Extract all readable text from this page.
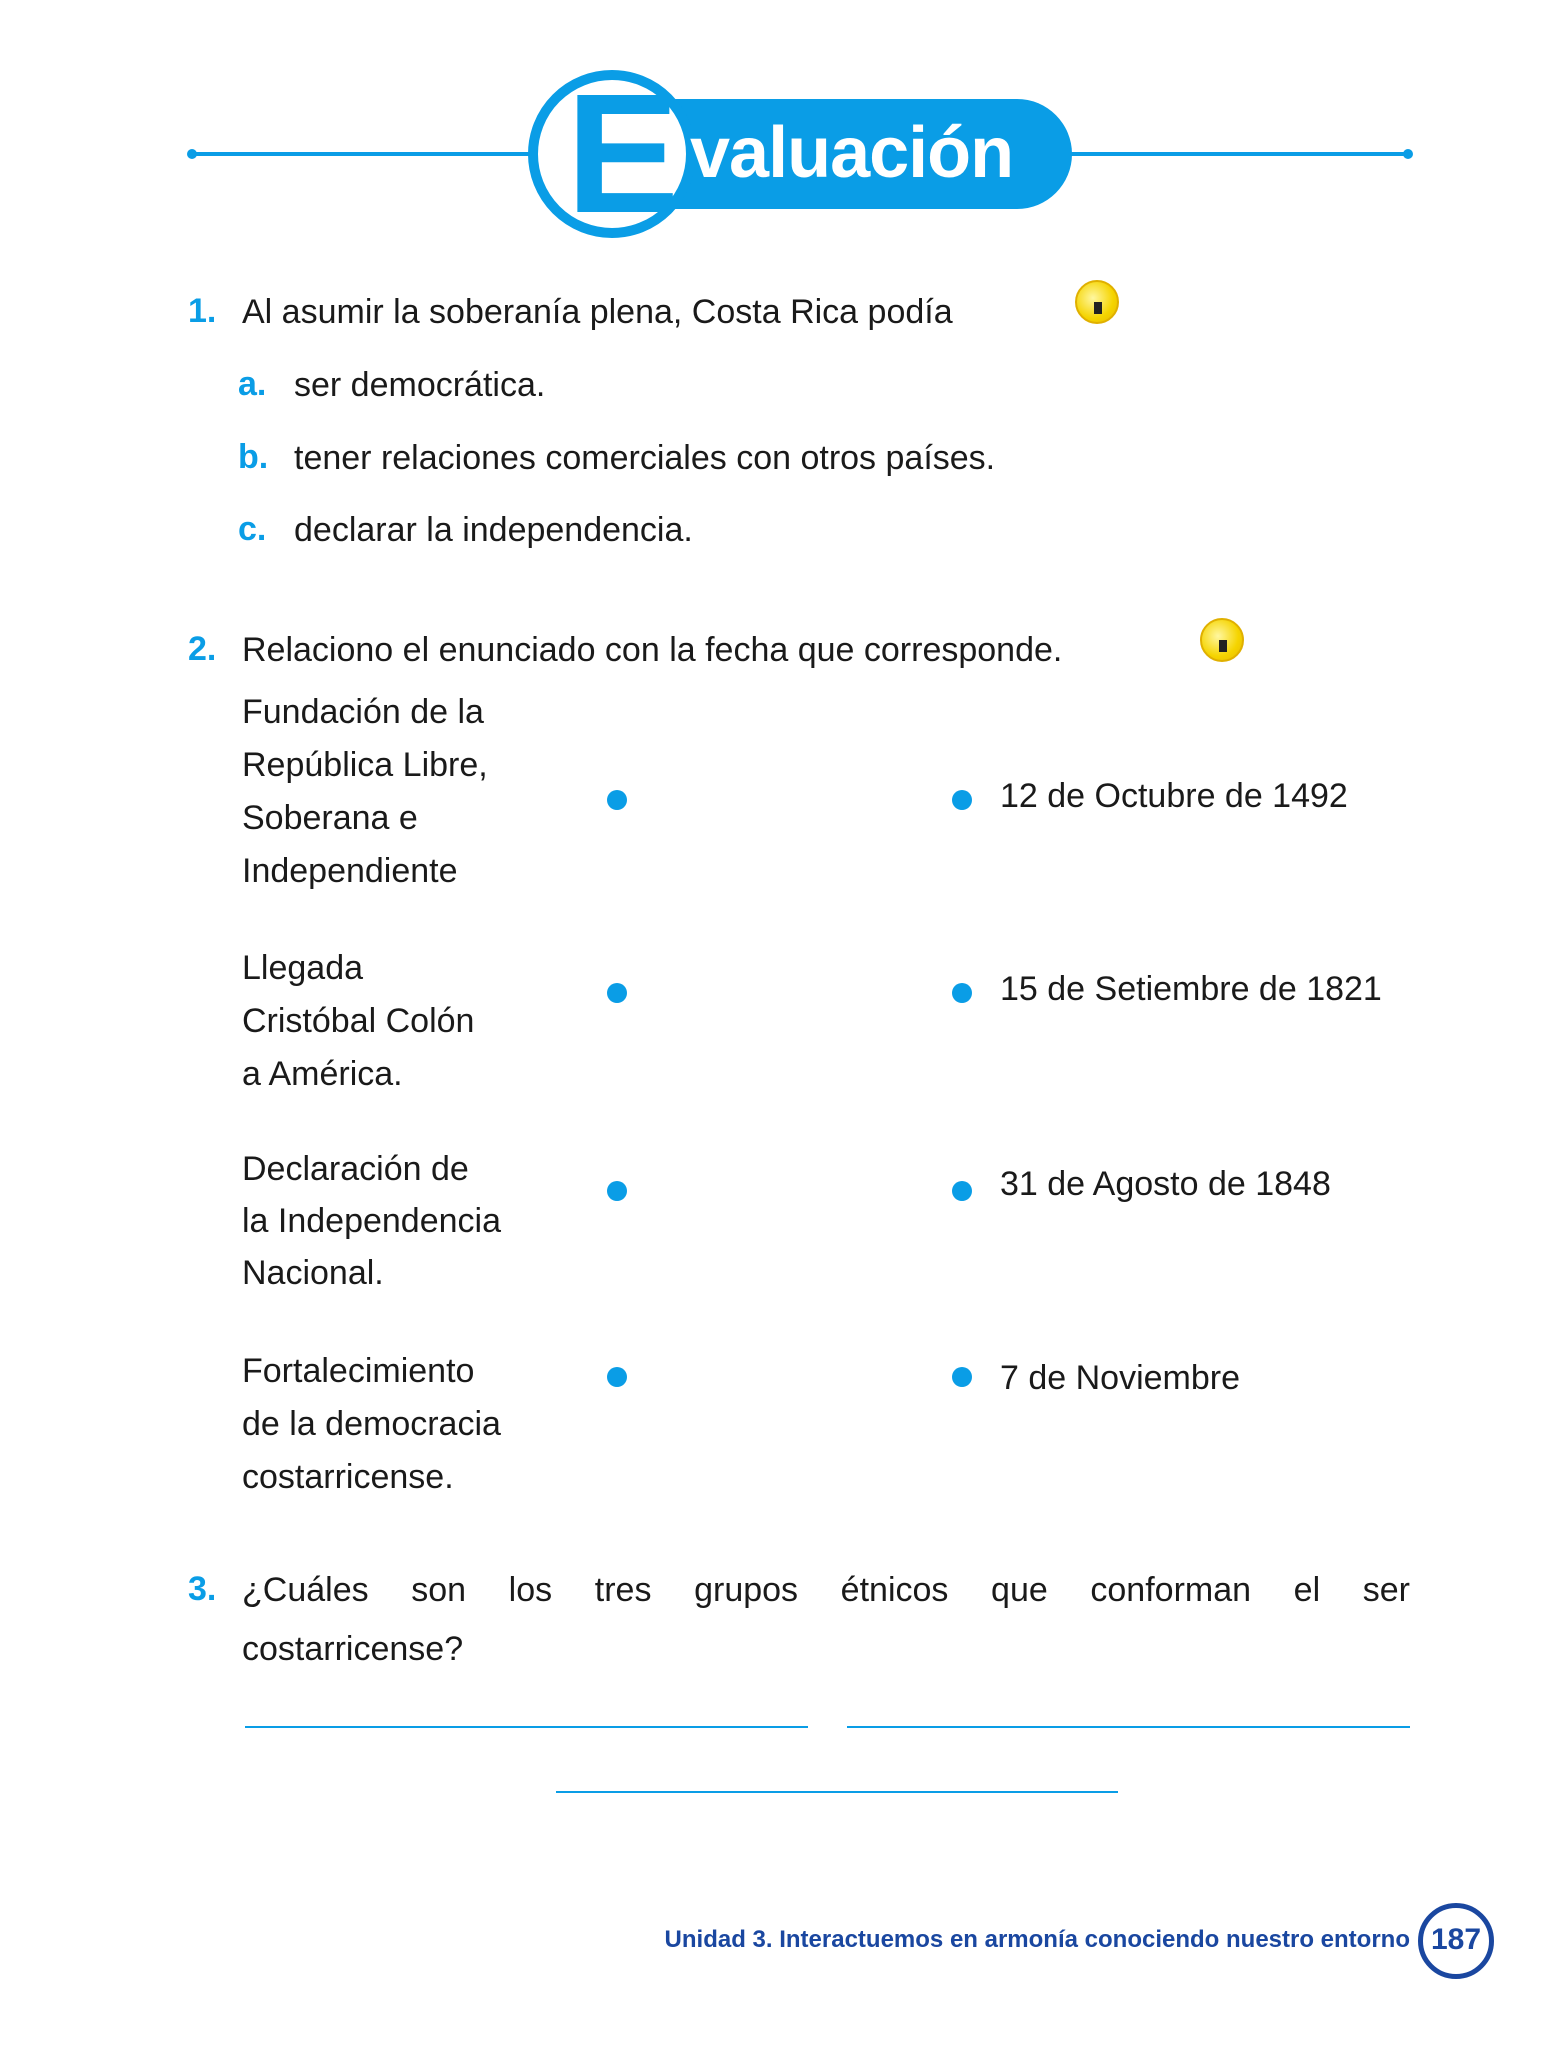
E valuación
1. Al asumir la soberanía plena, Costa Rica podía
a. ser democrática.
b. tener relaciones comerciales con otros países.
c. declarar la independencia.
2. Relaciono el enunciado con la fecha que corresponde.
Fundación de la
República Libre,
Soberana e
Independiente
Llegada
Cristóbal Colón
a América.
Declaración de
la Independencia
Nacional.
Fortalecimiento
de la democracia
costarricense.
12 de Octubre de 1492
15 de Setiembre de 1821
31 de Agosto de 1848
7 de Noviembre
3. ¿Cuáles son los tres grupos étnicos que conforman el ser
costarricense?
Unidad 3. Interactuemos en armonía conociendo nuestro entorno 187
